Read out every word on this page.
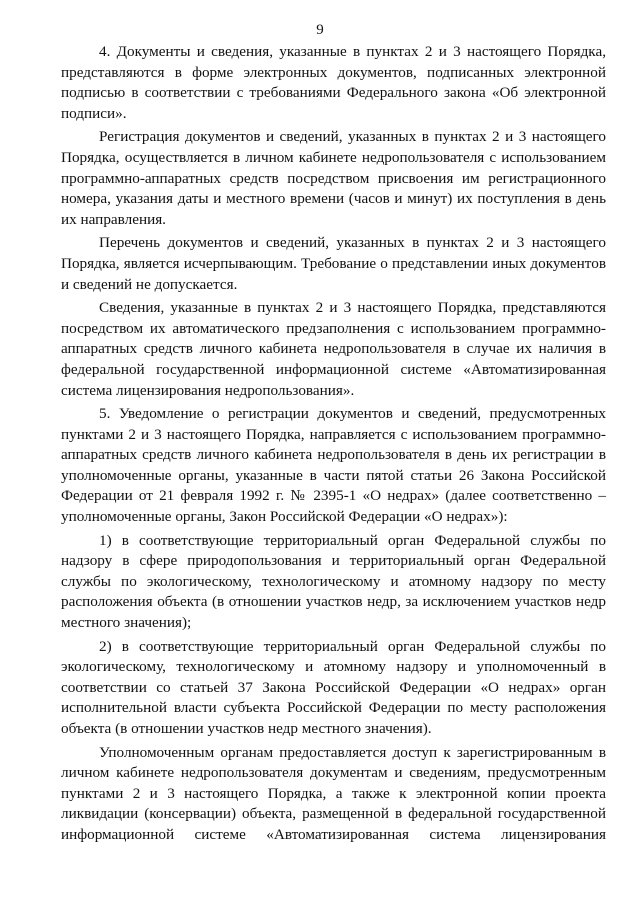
9

4. Документы и сведения, указанные в пунктах 2 и 3 настоящего Порядка, представляются в форме электронных документов, подписанных электронной подписью в соответствии с требованиями Федерального закона «Об электронной подписи».

Регистрация документов и сведений, указанных в пунктах 2 и 3 настоящего Порядка, осуществляется в личном кабинете недропользователя с использованием программно-аппаратных средств посредством присвоения им регистрационного номера, указания даты и местного времени (часов и минут) их поступления в день их направления.

Перечень документов и сведений, указанных в пунктах 2 и 3 настоящего Порядка, является исчерпывающим. Требование о представлении иных документов и сведений не допускается.

Сведения, указанные в пунктах 2 и 3 настоящего Порядка, представляются посредством их автоматического предзаполнения с использованием программно-аппаратных средств личного кабинета недропользователя в случае их наличия в федеральной государственной информационной системе «Автоматизированная система лицензирования недропользования».

5. Уведомление о регистрации документов и сведений, предусмотренных пунктами 2 и 3 настоящего Порядка, направляется с использованием программно-аппаратных средств личного кабинета недропользователя в день их регистрации в уполномоченные органы, указанные в части пятой статьи 26 Закона Российской Федерации от 21 февраля 1992 г. № 2395-1 «О недрах» (далее соответственно – уполномоченные органы, Закон Российской Федерации «О недрах»):

1) в соответствующие территориальный орган Федеральной службы по надзору в сфере природопользования и территориальный орган Федеральной службы по экологическому, технологическому и атомному надзору по месту расположения объекта (в отношении участков недр, за исключением участков недр местного значения);

2) в соответствующие территориальный орган Федеральной службы по экологическому, технологическому и атомному надзору и уполномоченный в соответствии со статьей 37 Закона Российской Федерации «О недрах» орган исполнительной власти субъекта Российской Федерации по месту расположения объекта (в отношении участков недр местного значения).

Уполномоченным органам предоставляется доступ к зарегистрированным в личном кабинете недропользователя документам и сведениям, предусмотренным пунктами 2 и 3 настоящего Порядка, а также к электронной копии проекта ликвидации (консервации) объекта, размещенной в федеральной государственной информационной системе «Автоматизированная система лицензирования
